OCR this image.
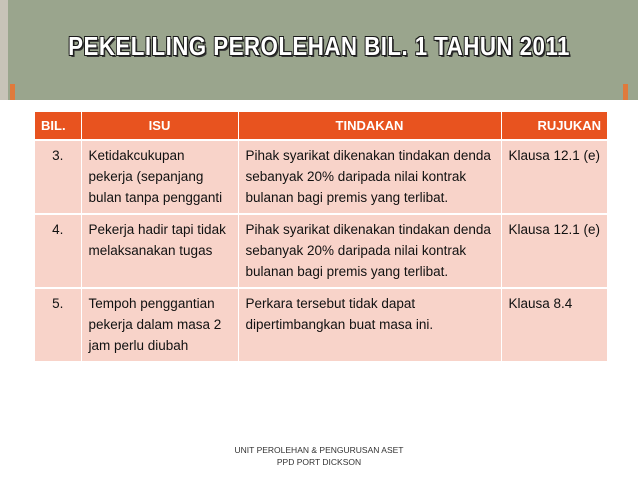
PEKELILING PEROLEHAN BIL. 1 TAHUN 2011
BIL.	ISU	TINDAKAN	RUJUKAN
3.	Ketidakcukupan pekerja (sepanjang bulan tanpa pengganti	Pihak syarikat dikenakan tindakan denda sebanyak 20% daripada nilai kontrak bulanan bagi premis yang terlibat.	Klausa 12.1 (e)
4.	Pekerja hadir tapi tidak melaksanakan tugas	Pihak syarikat dikenakan tindakan denda sebanyak 20% daripada nilai kontrak bulanan bagi premis yang terlibat.	Klausa 12.1 (e)
5.	Tempoh penggantian pekerja dalam masa 2 jam perlu diubah	Perkara tersebut tidak dapat dipertimbangkan buat masa ini.	Klausa 8.4
UNIT PEROLEHAN & PENGURUSAN ASET
PPD PORT DICKSON
